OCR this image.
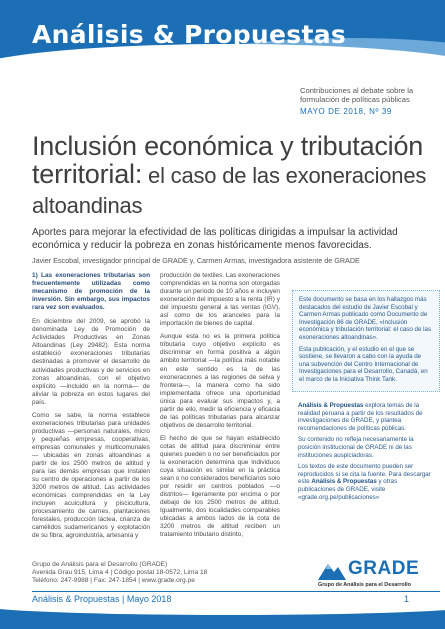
Análisis & Propuestas
Contribuciones al debate sobre la
formulación de políticas públicas
MAYO DE 2018, Nº 39
Inclusión económica y tributación territorial: el caso de las exoneraciones altoandinas
Aportes para mejorar la efectividad de las políticas dirigidas a impulsar la actividad económica y reducir la pobreza en zonas históricamente menos favorecidas.
Javier Escobal, investigador principal de GRADE y, Carmen Armas, investigadora asistente de GRADE

1) Las exoneraciones tributarias son frecuentemente utilizadas como mecanismo de promoción de la inversión. Sin embargo, sus impactos rara vez son evaluados.

En diciembre del 2009, se aprobó la denominada Ley de Promoción de Actividades Productivas en Zonas Altoandinas (Ley 29482). Esta norma estableció exoneraciones tributarias destinadas a promover el desarrollo de actividades productivas y de servicios en zonas altoandinas, con el objetivo explícito —incluido en la norma— de aliviar la pobreza en estos lugares del país.

Como se sabe, la norma establece exoneraciones tributarias para unidades productivas —personas naturales, micro y pequeñas empresas, cooperativas, empresas comunales y multicomunales— ubicadas en zonas altoandinas a partir de los 2500 metros de altitud y para las demás empresas que instalen su centro de operaciones a partir de los 3200 metros de altitud. Las actividades económicas comprendidas en la Ley incluyen acuicultura y piscicultura, procesamiento de carnes, plantaciones forestales, producción láctea, crianza de camélidos sudamericanos y explotación de su fibra, agroindustria, artesanía y

producción de textiles. Las exoneraciones comprendidas en la norma son otorgadas durante un periodo de 10 años e incluyen exoneración del impuesto a la renta (IR) y del impuesto general a las ventas (IGV), así como de los aranceles para la importación de bienes de capital.

Aunque esta no es la primera política tributaria cuyo objetivo explícito es discriminar en forma positiva a algún ámbito territorial —la política más notable en este sentido es la de las exoneraciones a las regiones de selva y frontera—, la manera como ha sido implementada ofrece una oportunidad única para evaluar sus impactos y, a partir de ello, medir la eficiencia y eficacia de las políticas tributarias para alcanzar objetivos de desarrollo territorial.

El hecho de que se hayan establecido cotas de altitud para discriminar entre quienes pueden o no ser beneficiados por la exoneración determina que individuos cuya situación es similar en la práctica sean o no considerados beneficiarios solo por residir en centros poblados —o distritos— ligeramente por encima o por debajo de los 2500 metros de altitud. Igualmente, dos localidades comparables ubicadas a ambos lados de la cota de 3200 metros de altitud reciben un tratamiento tributario distinto,

Este documento se basa en los hallazgos más destacados del estudio de Javier Escobal y Carmen Armas publicado como Documento de Investigación 86 de GRADE, «Inclusión económica y tributación territorial: el caso de las exoneraciones altoandinas».

Esta publicación, y el estudio en el que se sostiene, se llevaron a cabo con la ayuda de una subvención del Centro Internacional de Investigaciones para el Desarrollo, Canadá, en el marco de la Iniciativa Think Tank.

Análisis & Propuestas explora temas de la realidad peruana a partir de los resultados de investigaciones de GRADE, y plantea recomendaciones de políticas públicas.

Su contenido no refleja necesariamente la posición institucional de GRADE ni de las instituciones auspiciadoras.

Los textos de este documento pueden ser reproducidos si se cita la fuente. Para descargar este Análisis & Propuestas y otras publicaciones de GRADE, visite «grade.org.pe/publicaciones»

Grupo de Análisis para el Desarrollo (GRADE)
Avenida Grau 915, Lima 4 | Código postal 18-0572, Lima 18
Teléfono: 247-9988 | Fax: 247-1854 | www.grade.org.pe
GRADE
Grupo de Análisis para el Desarrollo
Análisis & Propuestas | Mayo 2018	1
